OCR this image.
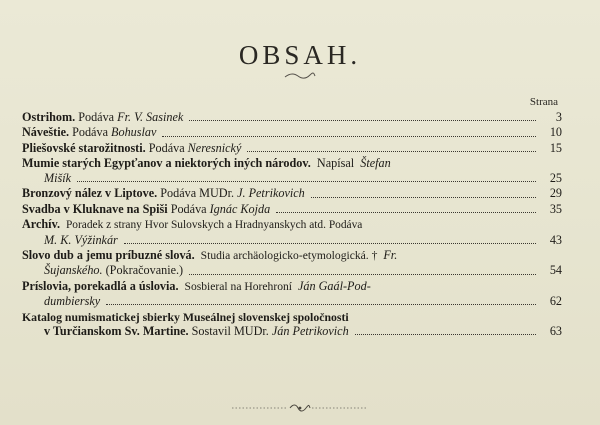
OBSAH.
Strana
Ostrihom. Podáva Fr. V. Sasinek	3
Náveštie. Podáva Bohuslav	10
Pliešovské starožitnosti. Podáva Neresnický	15
Mumie starých Egypťanov a niektorých iných národov.  Napísal  Štefan
Mišík	25
Bronzový nález v Liptove. Podáva MUDr. J. Petrikovich	29
Svadba v Kluknave na Spiši Podáva Ignác Kojda	35
Archív.  Poradek z strany Hvor Sulovskych a Hradnyanskych atd. Podáva
M. K. Výžinkár	43
Slovo dub a jemu príbuzné slová.  Studia archäologicko-etymologická. †  Fr.
Šujanského. (Pokračovanie.)	54
Príslovia, porekadlá a úslovia.  Sosbieral na Horehroní  Ján Gaál-Pod-
dumbiersky	62
Katalog numismatickej sbierky Museálnej slovenskej spoločnosti
v Turčianskom Sv. Martine. Sostavil MUDr. Ján Petrikovich	63
